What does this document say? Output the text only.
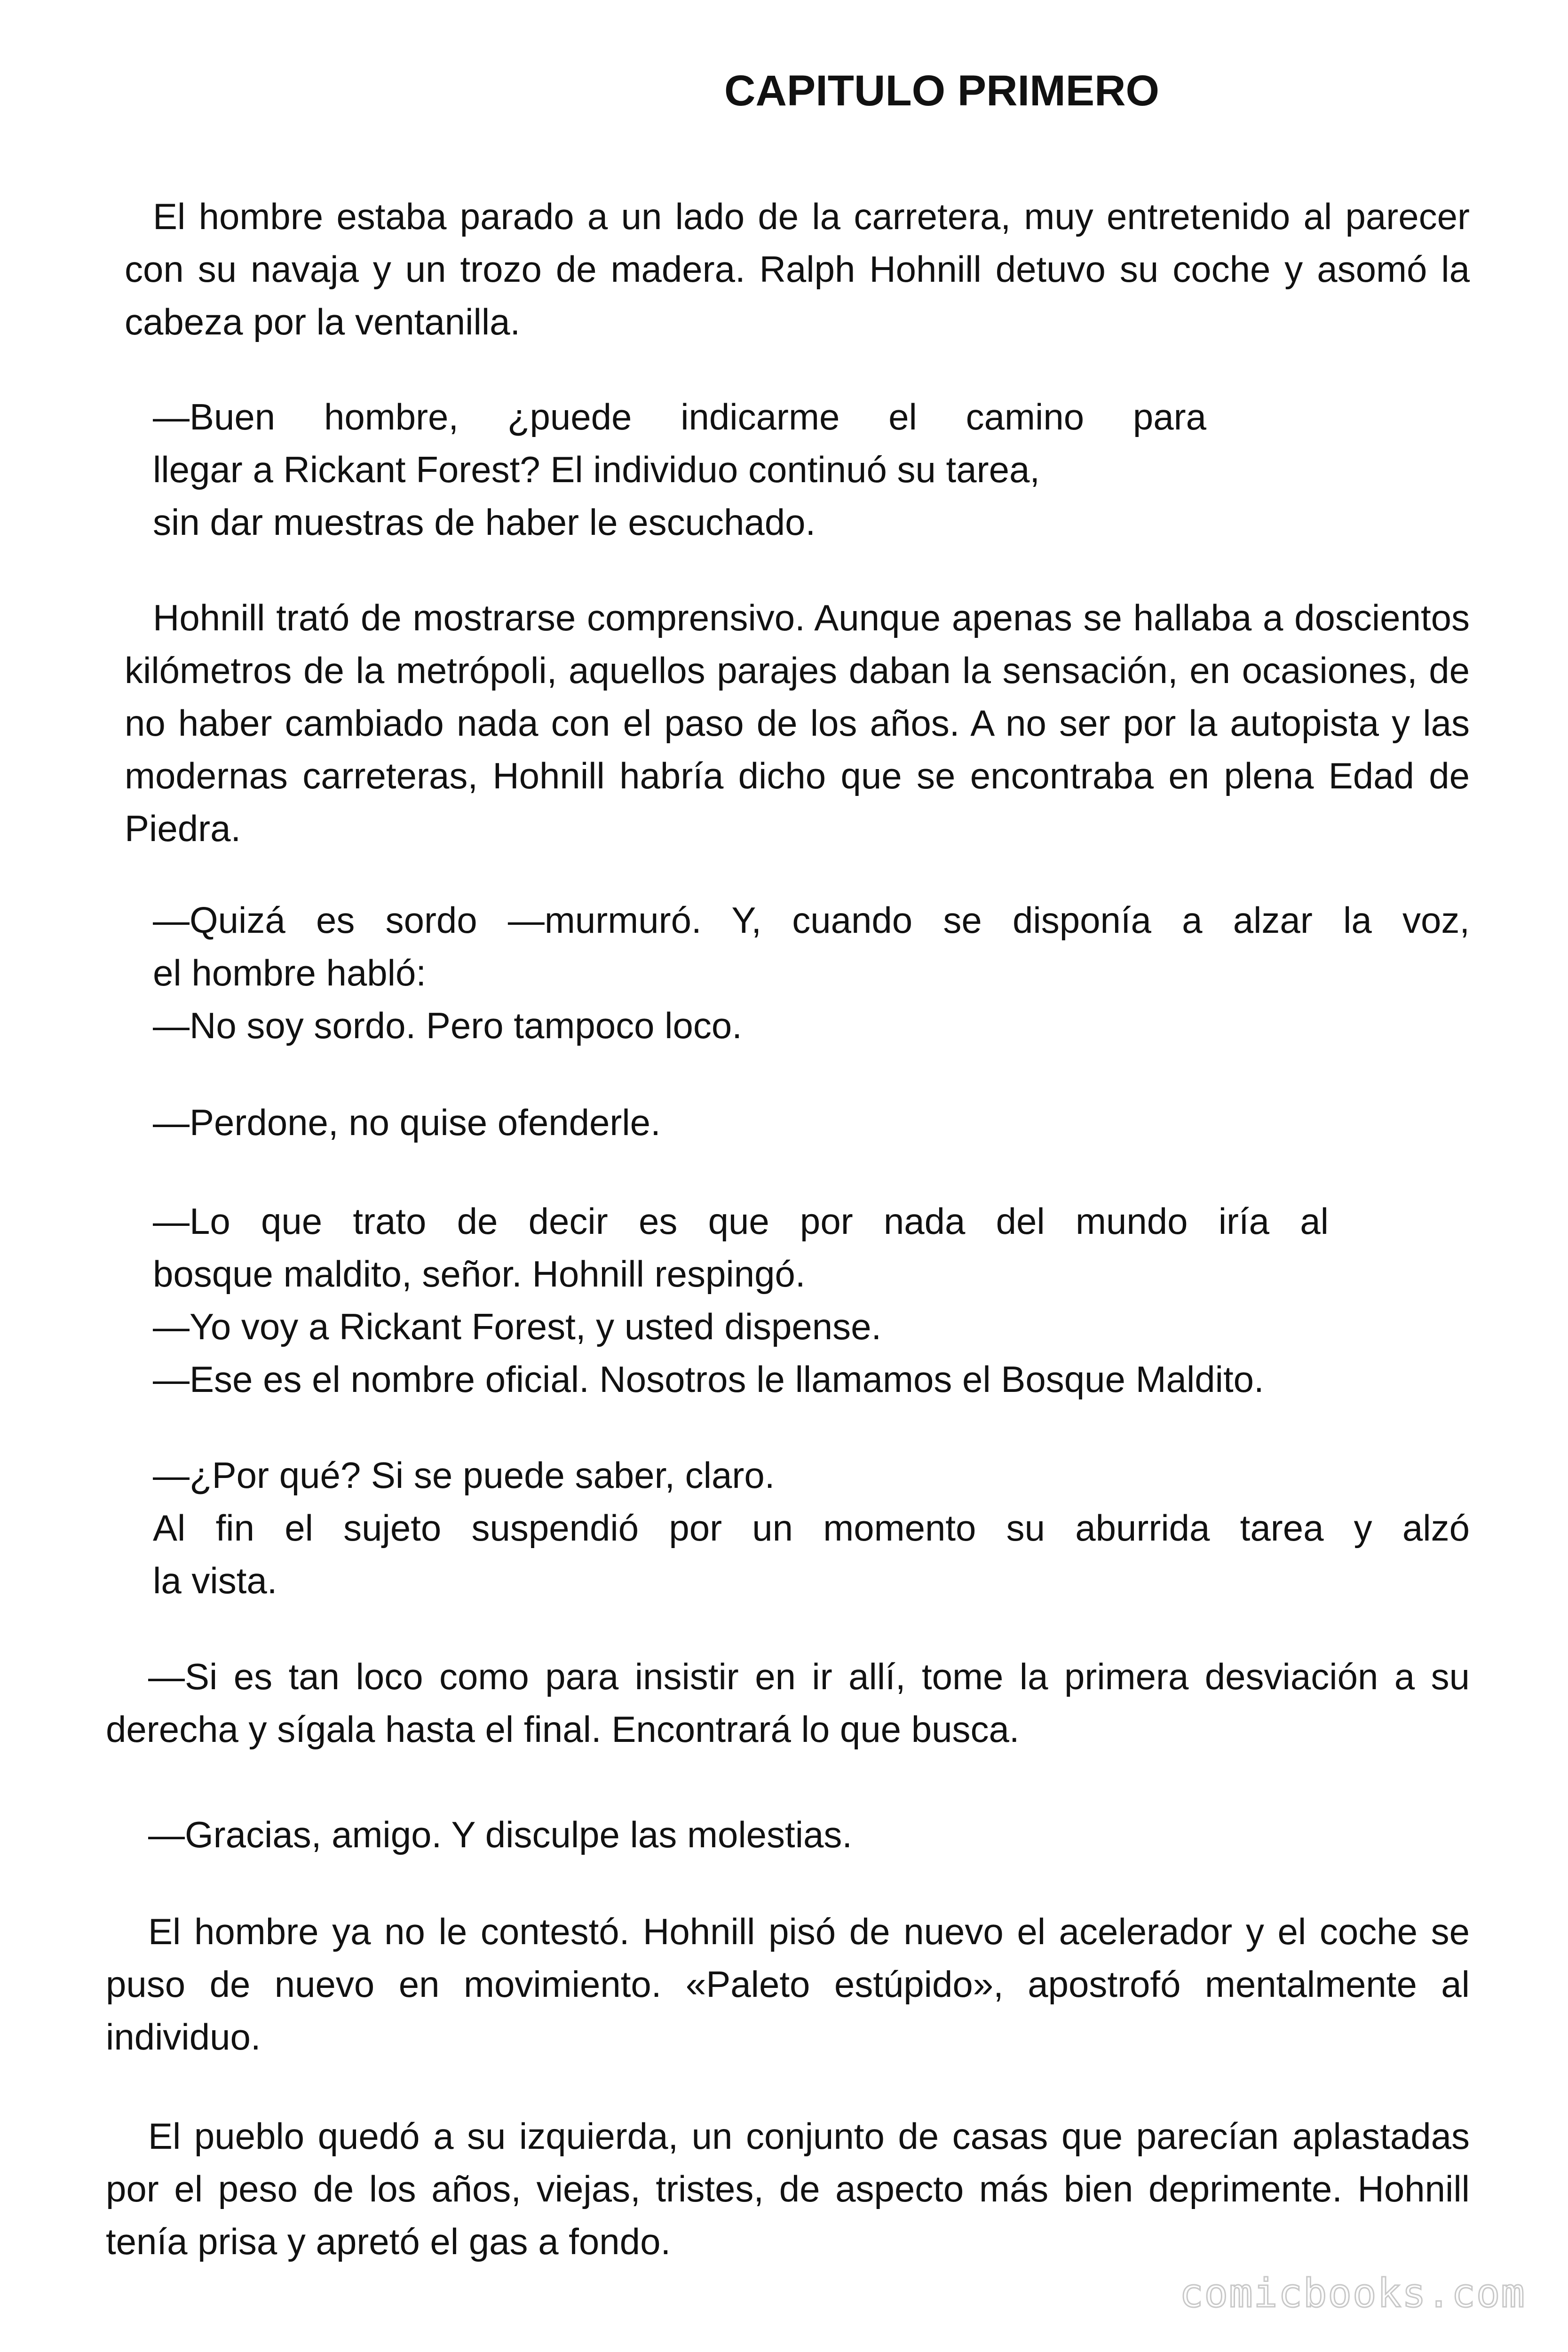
CAPITULO PRIMERO

El hombre estaba parado a un lado de la carretera, muy entretenido al parecer con su navaja y un trozo de madera. Ralph Hohnill detuvo su coche y asomó la cabeza por la ventanilla.

—Buen hombre, ¿puede indicarme el camino para

llegar a Rickant Forest? El individuo continuó su tarea,

sin dar muestras de haber le escuchado.

Hohnill trató de mostrarse comprensivo. Aunque apenas se hallaba a doscientos kilómetros de la metrópoli, aquellos parajes daban la sensación, en ocasiones, de no haber cambiado nada con el paso de los años. A no ser por la autopista y las modernas carreteras, Hohnill habría dicho que se encontraba en plena Edad de Piedra.

—Quizá es sordo —murmuró. Y, cuando se disponía a alzar la voz,

el hombre habló:

—No soy sordo. Pero tampoco loco.

—Perdone, no quise ofenderle.

—Lo que trato de decir es que por nada del mundo iría al

bosque maldito, señor. Hohnill respingó.

—Yo voy a Rickant Forest, y usted dispense.

—Ese es el nombre oficial. Nosotros le llamamos el Bosque Maldito.

—¿Por qué? Si se puede saber, claro.

Al fin el sujeto suspendió por un momento su aburrida tarea y alzó

la vista.

—Si es tan loco como para insistir en ir allí, tome la primera desviación a su derecha y sígala hasta el final. Encontrará lo que busca.

—Gracias, amigo. Y disculpe las molestias.

El hombre ya no le contestó. Hohnill pisó de nuevo el acelerador y el coche se puso de nuevo en movimiento. «Paleto estúpido», apostrofó mentalmente al individuo.

El pueblo quedó a su izquierda, un conjunto de casas que parecían aplastadas por el peso de los años, viejas, tristes, de aspecto más bien deprimente. Hohnill tenía prisa y apretó el gas a fondo.

comicbooks.com
